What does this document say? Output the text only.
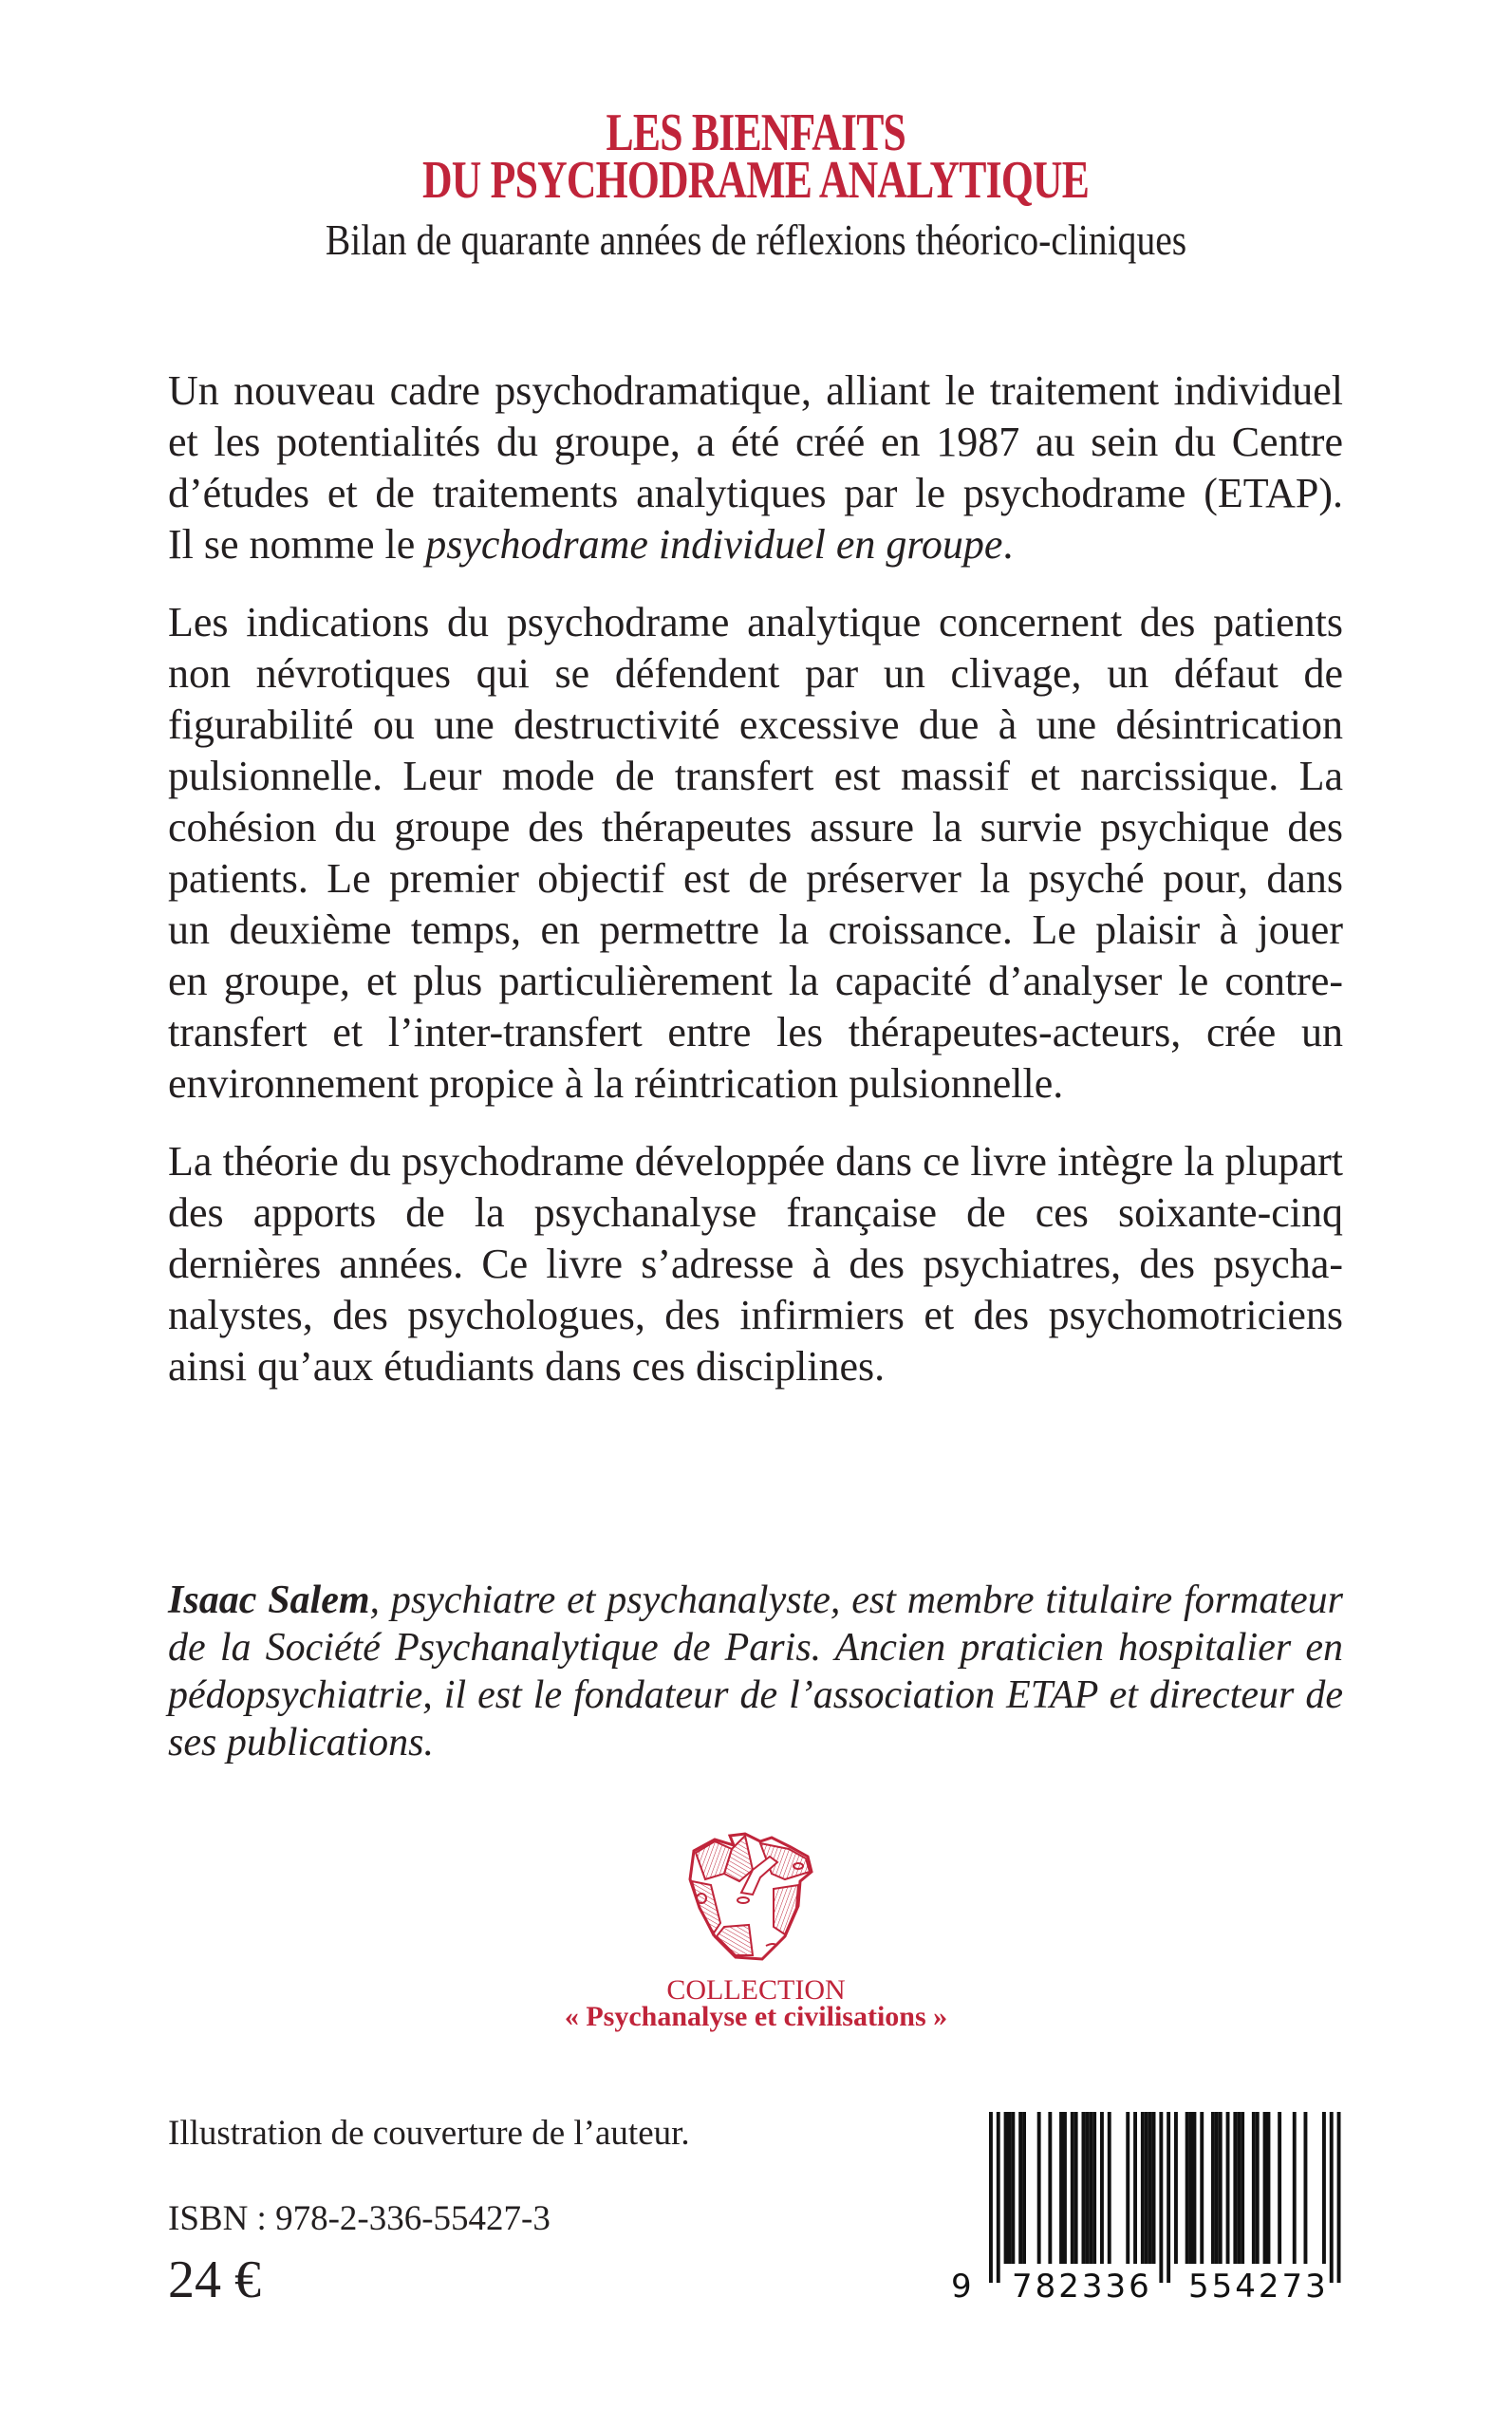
LES BIENFAITS
DU PSYCHODRAME ANALYTIQUE
Bilan de quarante années de réflexions théorico-cliniques
Un nouveau cadre psychodramatique, alliant le traitement individuel
et les potentialités du groupe, a été créé en 1987 au sein du Centre
d’études et de traitements analytiques par le psychodrame (ETAP).
Il se nomme le psychodrame individuel en groupe.
Les indications du psychodrame analytique concernent des patients
non névrotiques qui se défendent par un clivage, un défaut de
figurabilité ou une destructivité excessive due à une désintrication
pulsionnelle. Leur mode de transfert est massif et narcissique. La
cohésion du groupe des thérapeutes assure la survie psychique des
patients. Le premier objectif est de préserver la psyché pour, dans
un deuxième temps, en permettre la croissance. Le plaisir à jouer
en groupe, et plus particulièrement la capacité d’analyser le contre-
transfert et l’inter-transfert entre les thérapeutes-acteurs, crée un
environnement propice à la réintrication pulsionnelle.
La théorie du psychodrame développée dans ce livre intègre la plupart
des apports de la psychanalyse française de ces soixante-cinq
dernières années. Ce livre s’adresse à des psychiatres, des psycha-
nalystes, des psychologues, des infirmiers et des psychomotriciens
ainsi qu’aux étudiants dans ces disciplines.
Isaac Salem, psychiatre et psychanalyste, est membre titulaire formateur
de la Société Psychanalytique de Paris. Ancien praticien hospitalier en
pédopsychiatrie, il est le fondateur de l’association ETAP et directeur de
ses publications.
COLLECTION
« Psychanalyse et civilisations »
Illustration de couverture de l’auteur.
ISBN : 978-2-336-55427-3
24 €	9 782336 554273
